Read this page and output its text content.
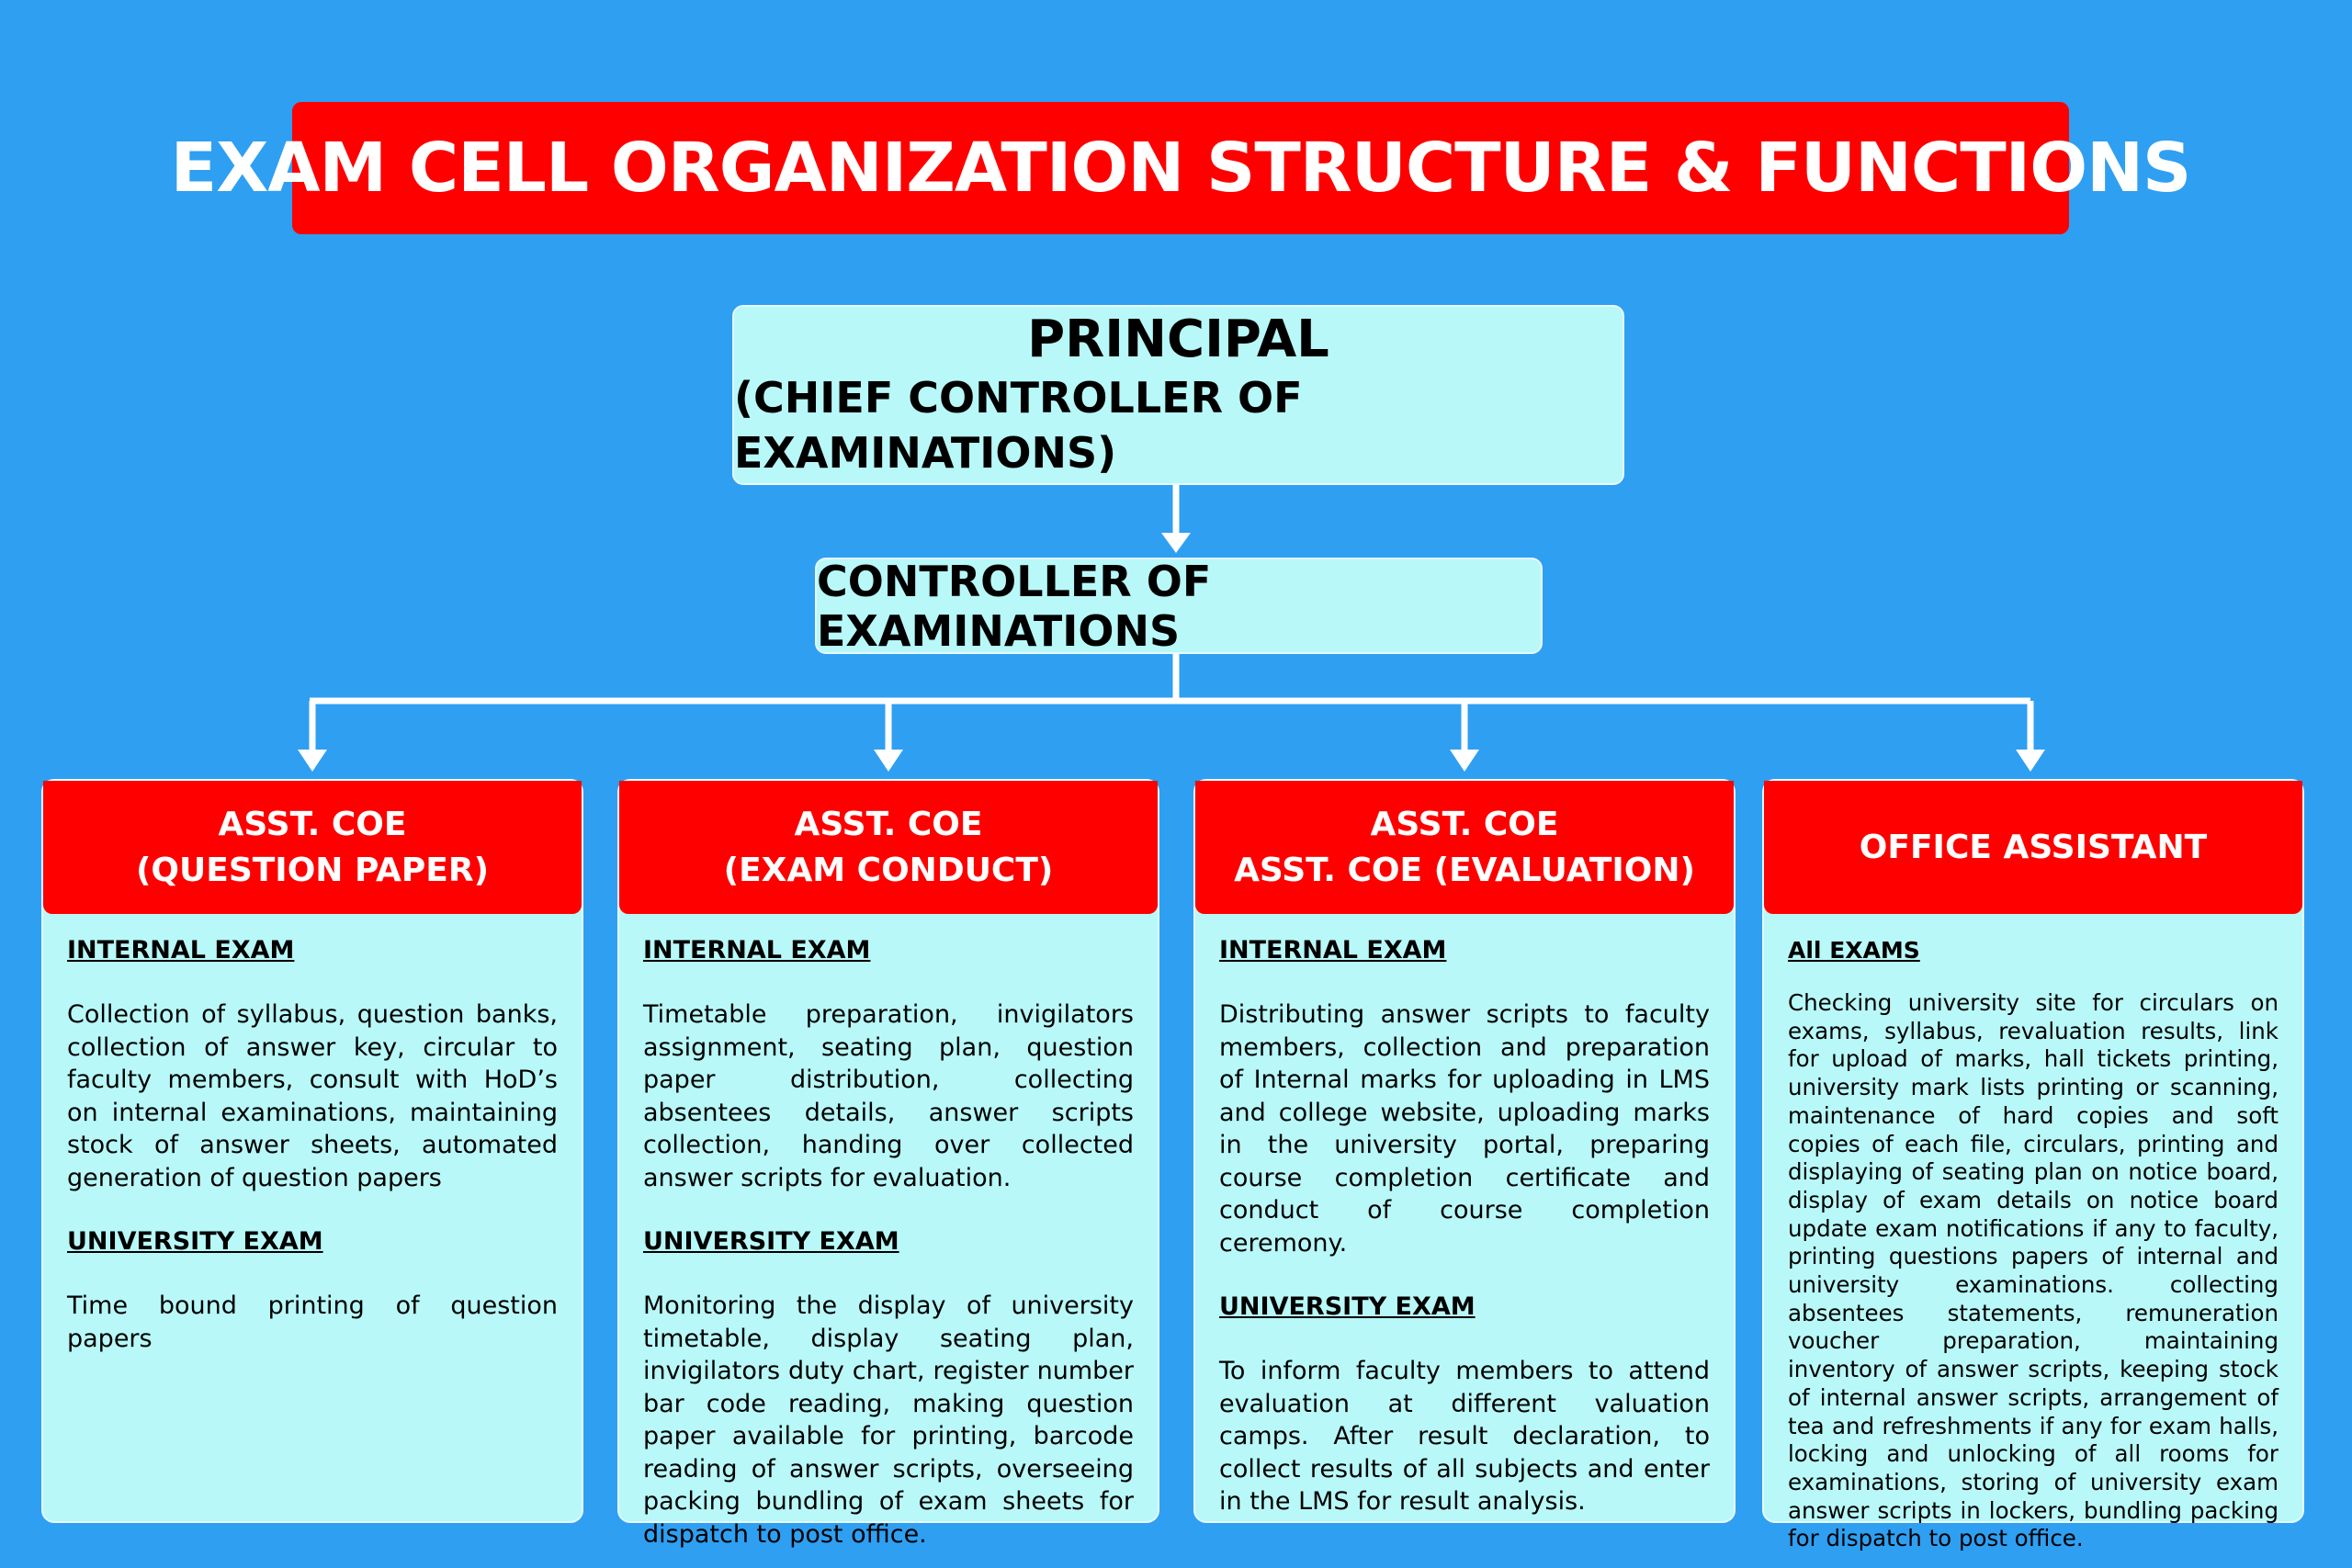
EXAM CELL ORGANIZATION STRUCTURE & FUNCTIONS
PRINCIPAL
(CHIEF CONTROLLER OF EXAMINATIONS)
CONTROLLER OF EXAMINATIONS
ASST. COE
(QUESTION PAPER)
INTERNAL EXAM
Collection of syllabus, question banks, collection of answer key, circular to faculty members, consult with HoD’s on internal examinations, maintaining stock of answer sheets, automated generation of question papers
UNIVERSITY EXAM
Time bound printing of question papers
ASST. COE
(EXAM CONDUCT)
INTERNAL EXAM
Timetable preparation, invigilators assignment, seating plan, question paper distribution, collecting absentees details, answer scripts collection, handing over collected answer scripts for evaluation.
UNIVERSITY EXAM
Monitoring the display of university timetable, display seating plan, invigilators duty chart, register number bar code reading, making question paper available for printing, barcode reading of answer scripts, overseeing packing bundling of exam sheets for dispatch to post office.
ASST. COE
ASST. COE (EVALUATION)
INTERNAL EXAM
Distributing answer scripts to faculty members, collection and preparation of Internal marks for uploading in LMS and college website, uploading marks in the university portal, preparing course completion certificate and conduct of course completion ceremony.
UNIVERSITY EXAM
To inform faculty members to attend evaluation at different valuation camps. After result declaration, to collect results of all subjects and enter in the LMS for result analysis.
OFFICE ASSISTANT
All EXAMS
Checking university site for circulars on exams, syllabus, revaluation results, link for upload of marks, hall tickets printing, university mark lists printing or scanning, maintenance of hard copies and soft copies of each file, circulars, printing and displaying of seating plan on notice board, display of exam details on notice board update exam notifications if any to faculty, printing questions papers of internal and university examinations. collecting absentees statements, remuneration voucher preparation, maintaining inventory of answer scripts, keeping stock of internal answer scripts, arrangement of tea and refreshments if any for exam halls, locking and unlocking of all rooms for examinations, storing of university exam answer scripts in lockers, bundling packing for dispatch to post office.
